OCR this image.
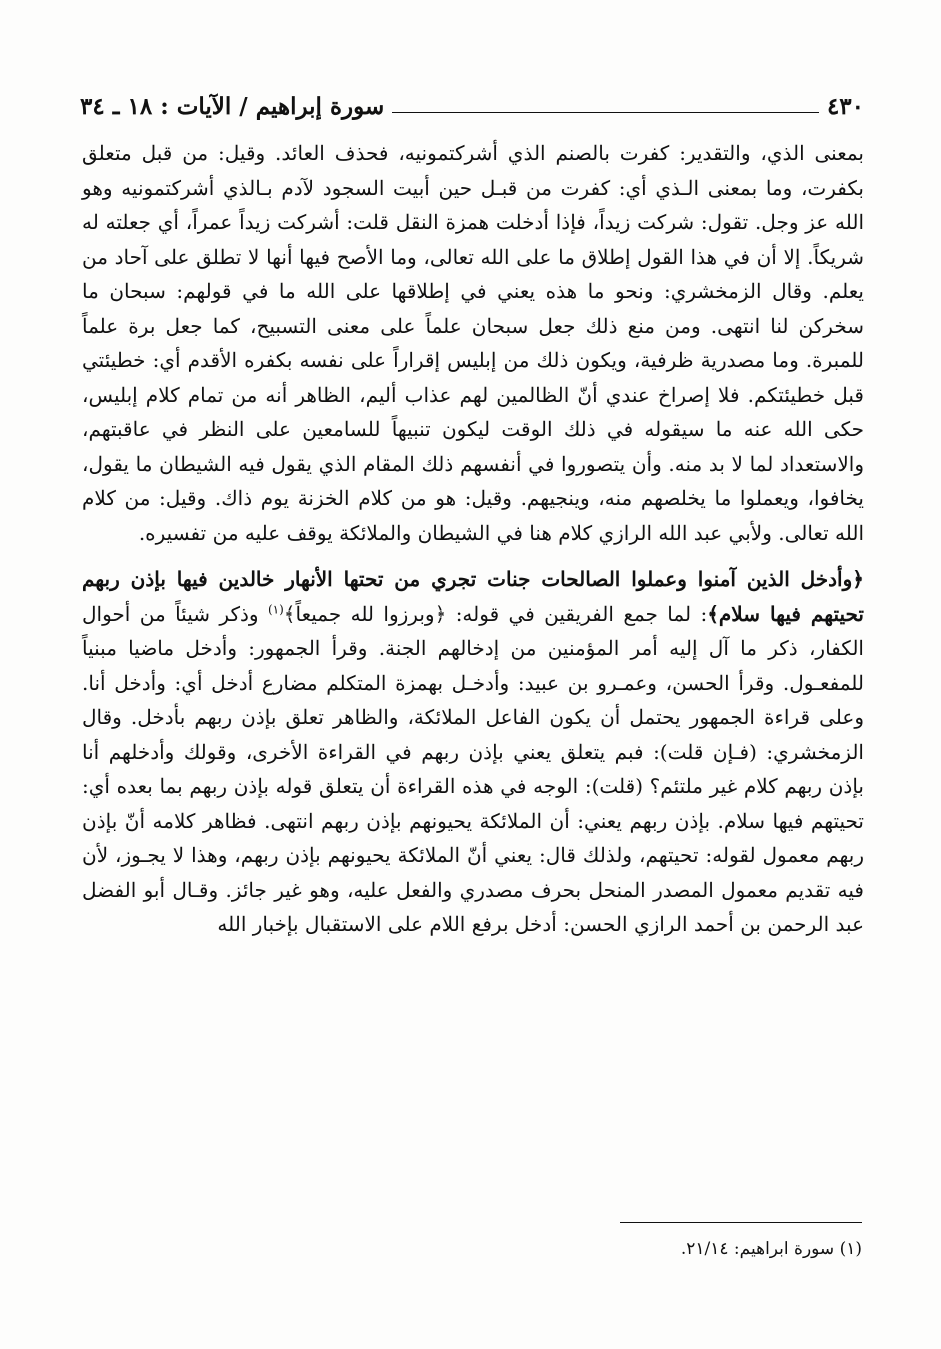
٤٣٠
سورة إبراهيم / الآيات : ١٨ ـ ٣٤

بمعنى الذي، والتقدير: كفرت بالصنم الذي أشركتمونيه، فحذف العائد. وقيل: من قبل متعلق بكفرت، وما بمعنى الـذي أي: كفرت من قبـل حين أبيت السجود لآدم بـالذي أشركتمونيه وهو الله عز وجل. تقول: شركت زيداً، فإذا أدخلت همزة النقل قلت: أشركت زيداً عمراً، أي جعلته له شريكاً. إلا أن في هذا القول إطلاق ما على الله تعالى، وما الأصح فيها أنها لا تطلق على آحاد من يعلم. وقال الزمخشري: ونحو ما هذه يعني في إطلاقها على الله ما في قولهم: سبحان ما سخركن لنا انتهى. ومن منع ذلك جعل سبحان علماً على معنى التسبيح، كما جعل برة علماً للمبرة. وما مصدرية ظرفية، ويكون ذلك من إبليس إقراراً على نفسه بكفره الأقدم أي: خطيئتي قبل خطيئتكم. فلا إصراخ عندي أنّ الظالمين لهم عذاب أليم، الظاهر أنه من تمام كلام إبليس، حكى الله عنه ما سيقوله في ذلك الوقت ليكون تنبيهاً للسامعين على النظر في عاقبتهم، والاستعداد لما لا بد منه. وأن يتصوروا في أنفسهم ذلك المقام الذي يقول فيه الشيطان ما يقول، يخافوا، ويعملوا ما يخلصهم منه، وينجيهم. وقيل: هو من كلام الخزنة يوم ذاك. وقيل: من كلام الله تعالى. ولأبي عبد الله الرازي كلام هنا في الشيطان والملائكة يوقف عليه من تفسيره.

﴿وأدخل الذين آمنوا وعملوا الصالحات جنات تجري من تحتها الأنهار خالدين فيها بإذن ربهم تحيتهم فيها سلام﴾: لما جمع الفريقين في قوله: ﴿وبرزوا لله جميعاً﴾$^{(١)}$ وذكر شيئاً من أحوال الكفار، ذكر ما آل إليه أمر المؤمنين من إدخالهم الجنة. وقرأ الجمهور: وأدخل ماضيا مبنياً للمفعـول. وقرأ الحسن، وعمـرو بن عبيد: وأدخـل بهمزة المتكلم مضارع أدخل أي: وأدخل أنا. وعلى قراءة الجمهور يحتمل أن يكون الفاعل الملائكة، والظاهر تعلق بإذن ربهم بأدخل. وقال الزمخشري: (فـإن قلت): فبم يتعلق يعني بإذن ربهم في القراءة الأخرى، وقولك وأدخلهم أنا بإذن ربهم كلام غير ملتئم؟ (قلت): الوجه في هذه القراءة أن يتعلق قوله بإذن ربهم بما بعده أي: تحيتهم فيها سلام. بإذن ربهم يعني: أن الملائكة يحيونهم بإذن ربهم انتهى. فظاهر كلامه أنّ بإذن ربهم معمول لقوله: تحيتهم، ولذلك قال: يعني أنّ الملائكة يحيونهم بإذن ربهم، وهذا لا يجـوز، لأن فيه تقديم معمول المصدر المنحل بحرف مصدري والفعل عليه، وهو غير جائز. وقـال أبو الفضل عبد الرحمن بن أحمد الرازي الحسن: أدخل برفع اللام على الاستقبال بإخبار الله

(١) سورة ابراهيم: ٢١/١٤.
